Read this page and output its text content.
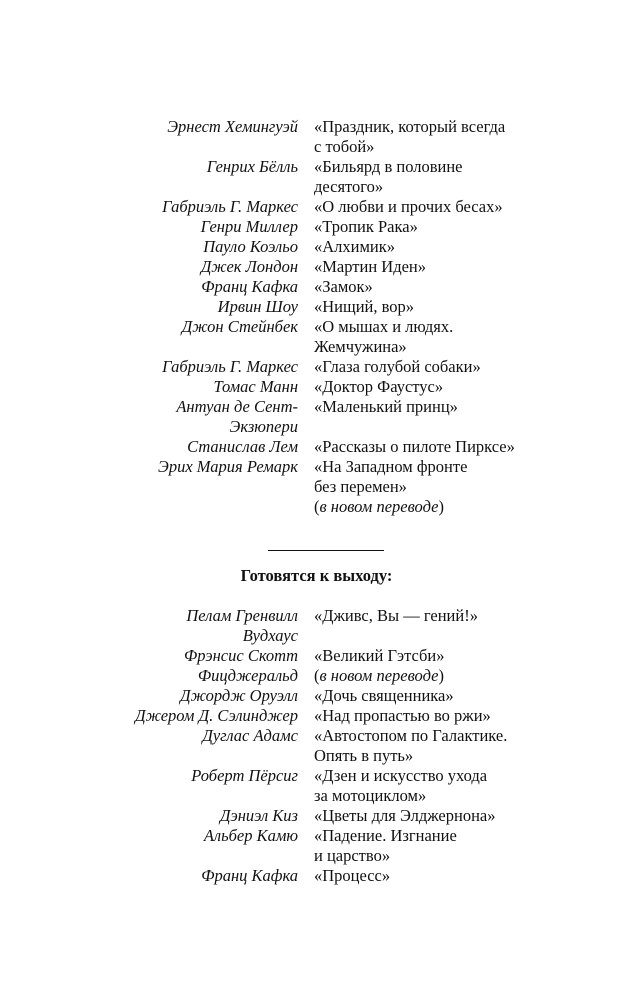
Эрнест Хемингуэй «Праздник, который всегда
с тобой»
Генрих Бёлль «Бильярд в половине
десятого»
Габриэль Г. Маркес «О любви и прочих бесах»
Генри Миллер «Тропик Рака»
Пауло Коэльо «Алхимик»
Джек Лондон «Мартин Иден»
Франц Кафка «Замок»
Ирвин Шоу «Нищий, вор»
Джон Стейнбек «О мышах и людях.
Жемчужина»
Габриэль Г. Маркес «Глаза голубой собаки»
Томас Манн «Доктор Фаустус»
Антуан де Сент-
Экзюпери
«Маленький принц»
Станислав Лем «Рассказы о пилоте Пирксе»
Эрих Мария Ремарк «На Западном фронте
без перемен»
(в новом переводе)
Готовятся к выходу:
Пелам Гренвилл
Вудхаус
«Дживс, Вы — гений!»
Фрэнсис Скотт
Фицджеральд
«Великий Гэтсби»
(в новом переводе)
Джордж Оруэлл «Дочь священника»
Джером Д. Сэлинджер «Над пропастью во ржи»
Дуглас Адамс «Автостопом по Галактике.
Опять в путь»
Роберт Пёрсиг «Дзен и искусство ухода
за мотоциклом»
Дэниэл Киз «Цветы для Элджернона»
Альбер Камю «Падение. Изгнание
и царство»
Франц Кафка «Процесс»
